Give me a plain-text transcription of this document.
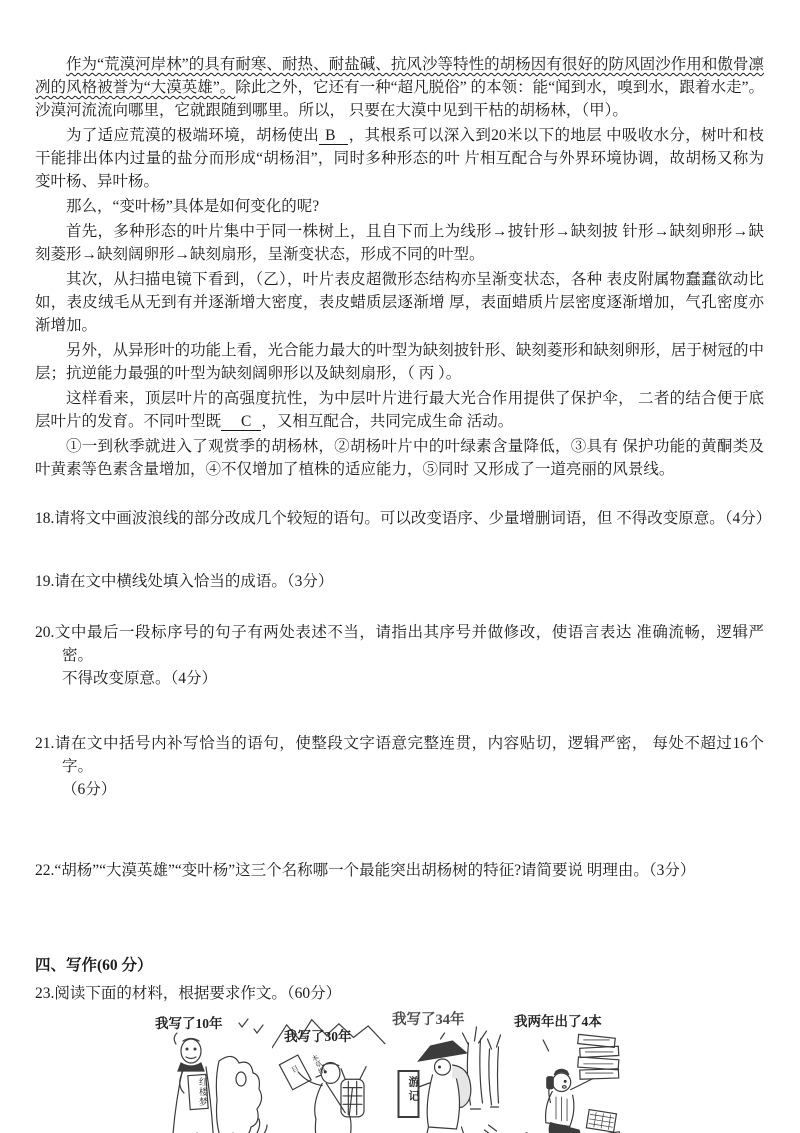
作为“荒漠河岸林”的具有耐寒、耐热、耐盐碱、抗风沙等特性的胡杨因有很好的防风固沙作用和傲骨凛冽的风格被誉为“大漠英雄”。除此之外，它还有一种“超凡脱俗” 的本领：能“闻到水，嗅到水，跟着水走”。沙漠河流流向哪里，它就跟随到哪里。所以， 只要在大漠中见到干枯的胡杨林，（甲）。

为了适应荒漠的极端环境，胡杨使出 B ，其根系可以深入到20米以下的地层 中吸收水分，树叶和枝干能排出体内过量的盐分而形成“胡杨泪”，同时多种形态的叶 片相互配合与外界环境协调，故胡杨又称为变叶杨、异叶杨。

那么，“变叶杨”具体是如何变化的呢?

首先，多种形态的叶片集中于同一株树上，且自下而上为线形→披针形→缺刻披 针形→缺刻卵形→缺刻菱形→缺刻阔卵形→缺刻扇形，呈渐变状态，形成不同的叶型。

其次，从扫描电镜下看到，（乙），叶片表皮超微形态结构亦呈渐变状态，各种 表皮附属物蠢蠢欲动比如，表皮绒毛从无到有并逐渐增大密度，表皮蜡质层逐渐增 厚，表面蜡质片层密度逐渐增加，气孔密度亦渐增加。

另外，从异形叶的功能上看，光合能力最大的叶型为缺刻披针形、缺刻菱形和缺刻卵形，居于树冠的中层；抗逆能力最强的叶型为缺刻阔卵形以及缺刻扇形，（ 丙 ）。

这样看来，顶层叶片的高强度抗性，为中层叶片进行最大光合作用提供了保护伞， 二者的结合便于底层叶片的发育。不同叶型既 C ，又相互配合，共同完成生命 活动。

①一到秋季就进入了观赏季的胡杨林，②胡杨叶片中的叶绿素含量降低，③具有 保护功能的黄酮类及叶黄素等色素含量增加，④不仅增加了植株的适应能力，⑤同时 又形成了一道亮丽的风景线。

18.请将文中画波浪线的部分改成几个较短的语句。可以改变语序、少量增删词语，但 不得改变原意。（4分）
19.请在文中横线处填入恰当的成语。（3分）
20.文中最后一段标序号的句子有两处表述不当，请指出其序号并做修改，使语言表达 准确流畅，逻辑严密。
不得改变原意。（4分）
21.请在文中括号内补写恰当的语句，使整段文字语意完整连贯，内容贴切，逻辑严密， 每处不超过16个字。
（6分）
22.“胡杨”“大漠英雄”“变叶杨”这三个名称哪一个最能突出胡杨树的特征?请简要说 明理由。（3分）
四、写作(60 分）
23.阅读下面的材料，根据要求作文。（60分）
我写了10年
红楼梦
我写了30年
本草纲目
我写了34年
游记
我两年出了4本
